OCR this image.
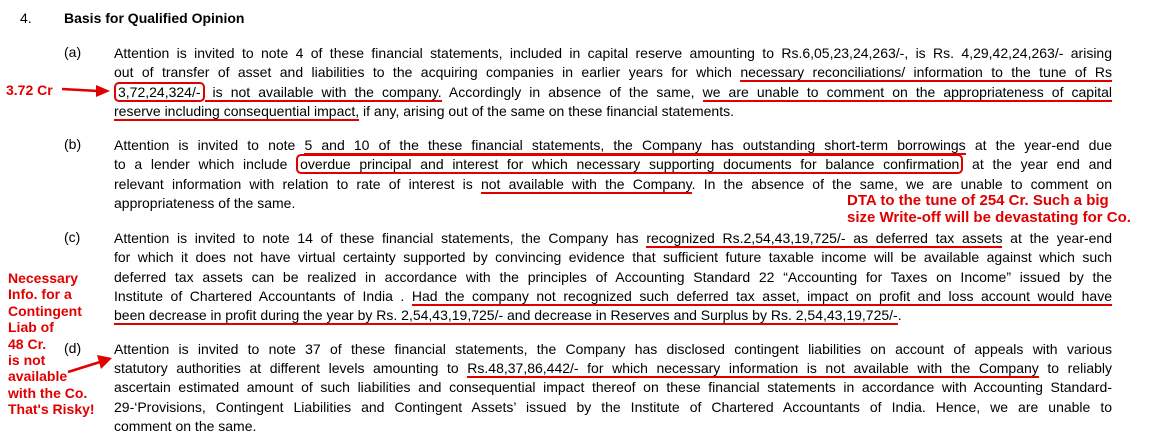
4. Basis for Qualified Opinion
(a) Attention is invited to note 4 of these financial statements, included in capital reserve amounting to Rs.6,05,23,24,263/-, is Rs. 4,29,42,24,263/- arising
out of transfer of asset and liabilities to the acquiring companies in earlier years for which necessary reconciliations/ information to the tune of Rs
3,72,24,324/- is not available with the company. Accordingly in absence of the same, we are unable to comment on the appropriateness of capital
reserve including consequential impact, if any, arising out of the same on these financial statements.
(b) Attention is invited to note 5 and 10 of the these financial statements, the Company has outstanding short-term borrowings at the year-end due
to a lender which include overdue principal and interest for which necessary supporting documents for balance confirmation at the year end and
relevant information with relation to rate of interest is not available with the Company. In the absence of the same, we are unable to comment on
appropriateness of the same.	DTA to the tune of 254 Cr. Such a big
size Write-off will be devastating for Co.
(c) Attention is invited to note 14 of these financial statements, the Company has recognized Rs.2,54,43,19,725/- as deferred tax assets at the year-end
for which it does not have virtual certainty supported by convincing evidence that sufficient future taxable income will be available against which such
deferred tax assets can be realized in accordance with the principles of Accounting Standard 22 “Accounting for Taxes on Income” issued by the
Institute of Chartered Accountants of India . Had the company not recognized such deferred tax asset, impact on profit and loss account would have
been decrease in profit during the year by Rs. 2,54,43,19,725/- and decrease in Reserves and Surplus by Rs. 2,54,43,19,725/-.
(d) Attention is invited to note 37 of these financial statements, the Company has disclosed contingent liabilities on account of appeals with various
statutory authorities at different levels amounting to Rs.48,37,86,442/- for which necessary information is not available with the Company to reliably
ascertain estimated amount of such liabilities and consequential impact thereof on these financial statements in accordance with Accounting Standard-
29-‘Provisions, Contingent Liabilities and Contingent Assets’ issued by the Institute of Chartered Accountants of India. Hence, we are unable to
comment on the same.
3.72 Cr
Necessary
Info. for a
Contingent
Liab of
48 Cr.
is not
available
with the Co.
That's Risky!
